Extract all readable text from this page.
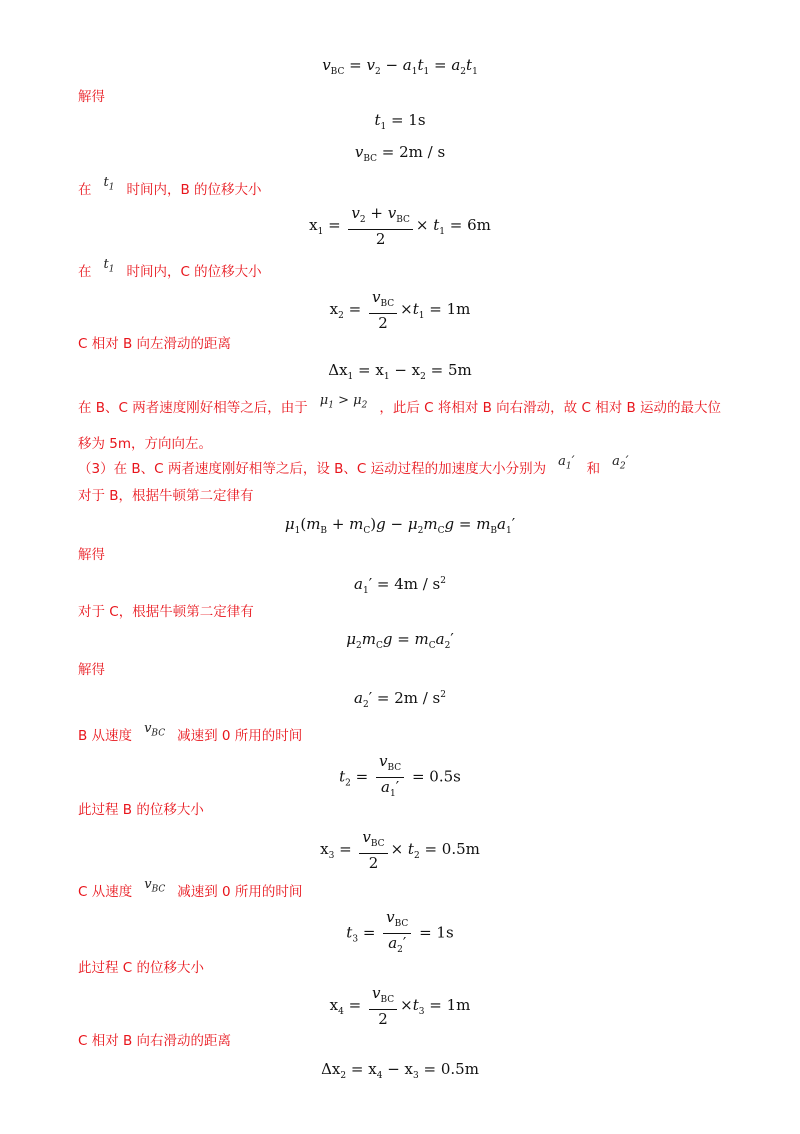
$v_{BC} = v_2 - a_1t_1 = a_2t_1$
解得
$t_1 = 1s$
$v_{BC} = 2m / s$
在 $t_1$ 时间内，B 的位移大小
$x_1 = \frac{v_2 + v_{BC}}{2} \times t_1 = 6m$
在 $t_1$ 时间内，C 的位移大小
$x_2 = \frac{v_{BC}}{2} \times t_1 = 1m$
C 相对 B 向左滑动的距离
$\Delta x_1 = x_1 - x_2 = 5m$
在 B、C 两者速度刚好相等之后，由于 $\mu_1 > \mu_2$ ，此后 C 将相对 B 向右滑动，故 C 相对 B 运动的最大位移为 5m，方向向左。
（3）在 B、C 两者速度刚好相等之后，设 B、C 运动过程的加速度大小分别为 $a_1'$ 和 $a_2'$
对于 B，根据牛顿第二定律有
$\mu_1(m_B + m_C)g - \mu_2m_Cg = m_Ba_1'$
解得
$a_1' = 4m / s^2$
对于 C，根据牛顿第二定律有
$\mu_2m_Cg = m_Ca_2'$
解得
$a_2' = 2m / s^2$
B 从速度 $v_{BC}$ 减速到 0 所用的时间
$t_2 = \frac{v_{BC}}{a_1'} = 0.5s$
此过程 B 的位移大小
$x_3 = \frac{v_{BC}}{2} \times t_2 = 0.5m$
C 从速度 $v_{BC}$ 减速到 0 所用的时间
$t_3 = \frac{v_{BC}}{a_2'} = 1s$
此过程 C 的位移大小
$x_4 = \frac{v_{BC}}{2} \times t_3 = 1m$
C 相对 B 向右滑动的距离
$\Delta x_2 = x_4 - x_3 = 0.5m$
